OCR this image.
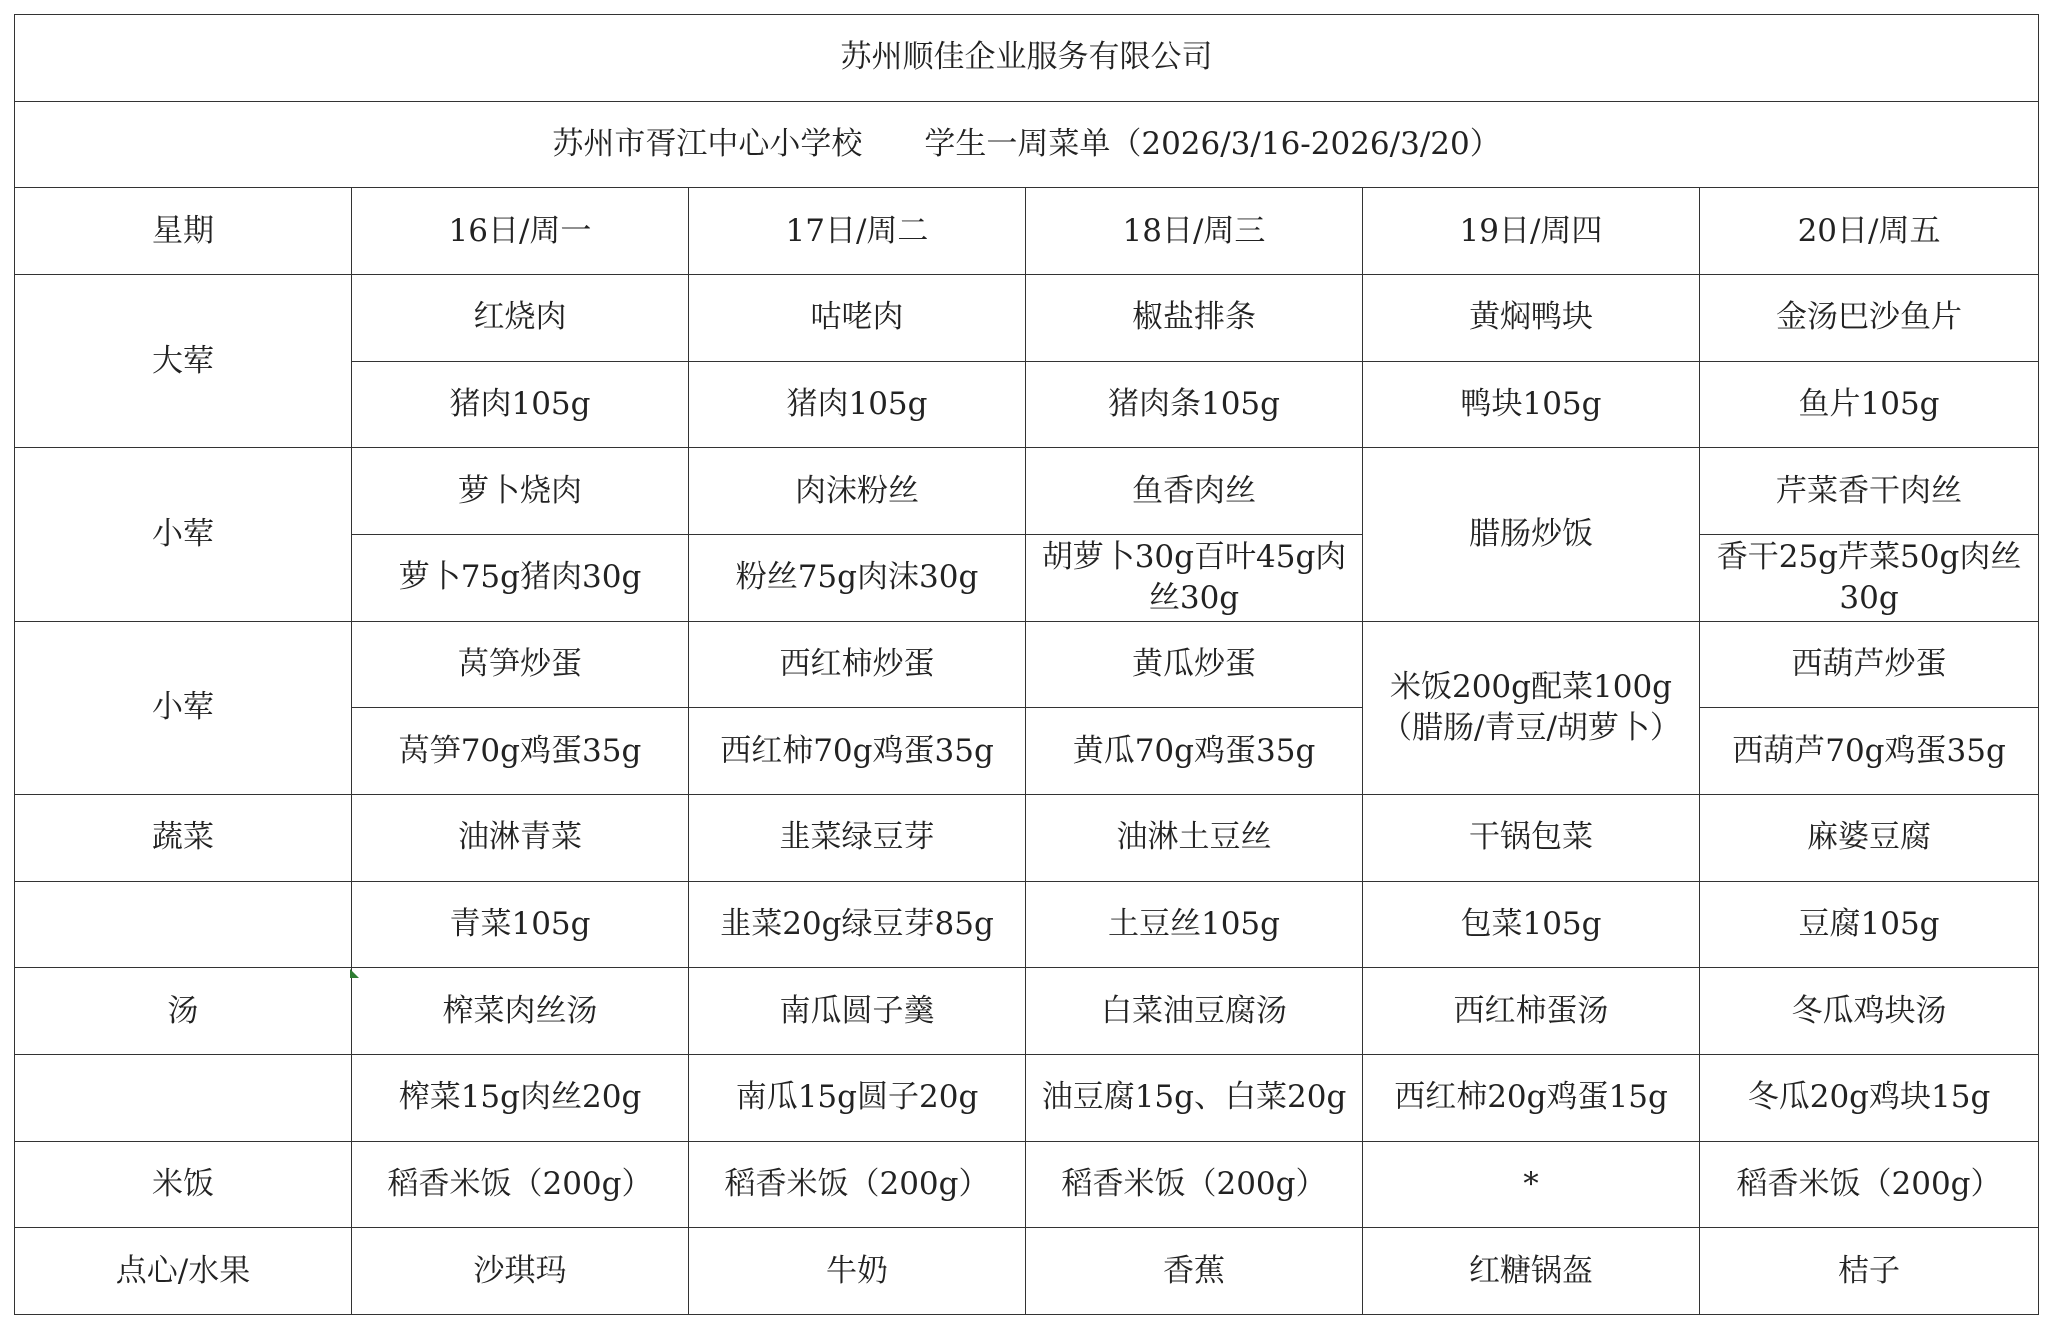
苏州顺佳企业服务有限公司					
苏州市胥江中心小学校　　学生一周菜单（2026/3/16-2026/3/20）					
星期	16日/周一	17日/周二	18日/周三	19日/周四	20日/周五
大荤	红烧肉	咕咾肉	椒盐排条	黄焖鸭块	金汤巴沙鱼片
	猪肉105g	猪肉105g	猪肉条105g	鸭块105g	鱼片105g
小荤	萝卜烧肉	肉沫粉丝	鱼香肉丝	腊肠炒饭	芹菜香干肉丝
	萝卜75g猪肉30g	粉丝75g肉沫30g	胡萝卜30g百叶45g肉丝30g		香干25g芹菜50g肉丝30g
小荤	莴笋炒蛋	西红柿炒蛋	黄瓜炒蛋	米饭200g配菜100g（腊肠/青豆/胡萝卜）	西葫芦炒蛋
	莴笋70g鸡蛋35g	西红柿70g鸡蛋35g	黄瓜70g鸡蛋35g		西葫芦70g鸡蛋35g
蔬菜	油淋青菜	韭菜绿豆芽	油淋土豆丝	干锅包菜	麻婆豆腐
	青菜105g	韭菜20g绿豆芽85g	土豆丝105g	包菜105g	豆腐105g
汤	榨菜肉丝汤	南瓜圆子羹	白菜油豆腐汤	西红柿蛋汤	冬瓜鸡块汤
	榨菜15g肉丝20g	南瓜15g圆子20g	油豆腐15g、白菜20g	西红柿20g鸡蛋15g	冬瓜20g鸡块15g
米饭	稻香米饭（200g）	稻香米饭（200g）	稻香米饭（200g）	*	稻香米饭（200g）
点心/水果	沙琪玛	牛奶	香蕉	红糖锅盔	桔子
